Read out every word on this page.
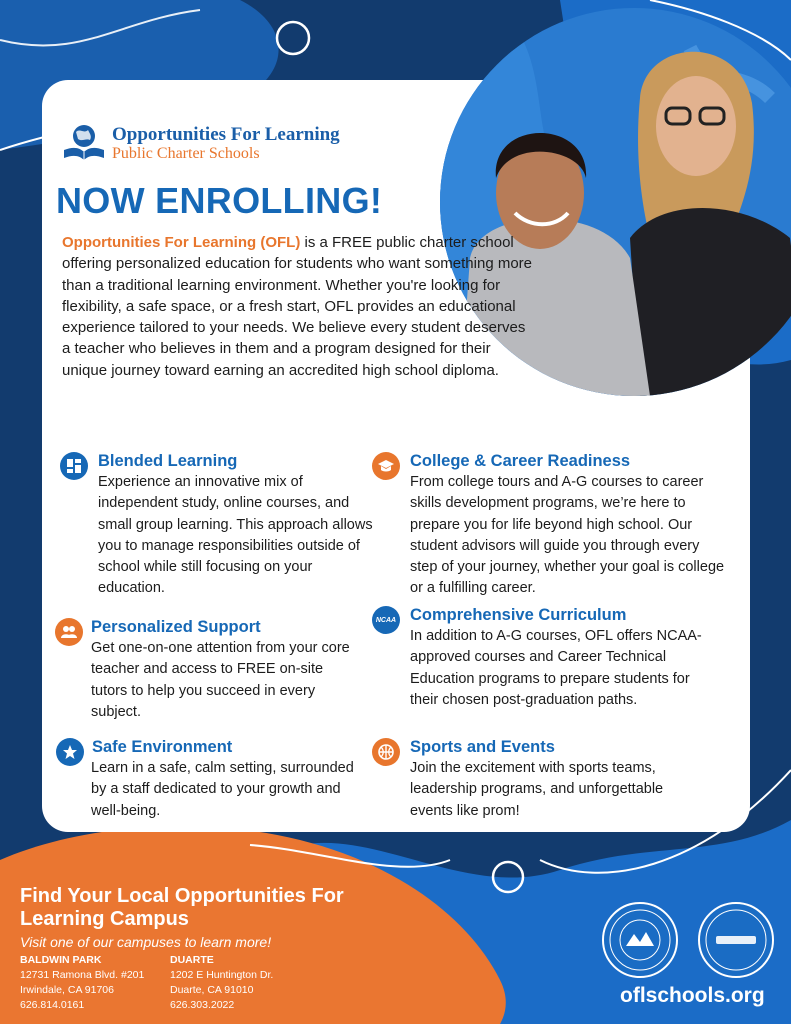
Opportunities For Learning
Public Charter Schools
NOW ENROLLING!

Opportunities For Learning (OFL) is a FREE public charter school offering personalized education for students who want something more than a traditional learning environment. Whether you're looking for flexibility, a safe space, or a fresh start, OFL provides an educational experience tailored to your needs. We believe every student deserves a teacher who believes in them and a program designed for their unique journey toward earning an accredited high school diploma.

Blended Learning

Experience an innovative mix of independent study, online courses, and small group learning. This approach allows you to manage responsibilities outside of school while still focusing on your education.

Personalized Support

Get one-on-one attention from your core teacher and access to FREE on-site tutors to help you succeed in every subject.

Safe Environment

Learn in a safe, calm setting, surrounded by a staff dedicated to your growth and well-being.

College & Career Readiness

From college tours and A-G courses to career skills development programs, we’re here to prepare you for life beyond high school. Our student advisors will guide you through every step of your journey, whether your goal is college or a fulfilling career.

NCAA Comprehensive Curriculum

In addition to A-G courses, OFL offers NCAA-approved courses and Career Technical Education programs to prepare students for their chosen post-graduation paths.

Sports and Events

Join the excitement with sports teams, leadership programs, and unforgettable events like prom!

Find Your Local Opportunities For Learning Campus
Visit one of our campuses to learn more!
BALDWIN PARK
12731 Ramona Blvd. #201
Irwindale, CA 91706
626.814.0161
DUARTE
1202 E Huntington Dr.
Duarte, CA 91010
626.303.2022	oflschools.org
